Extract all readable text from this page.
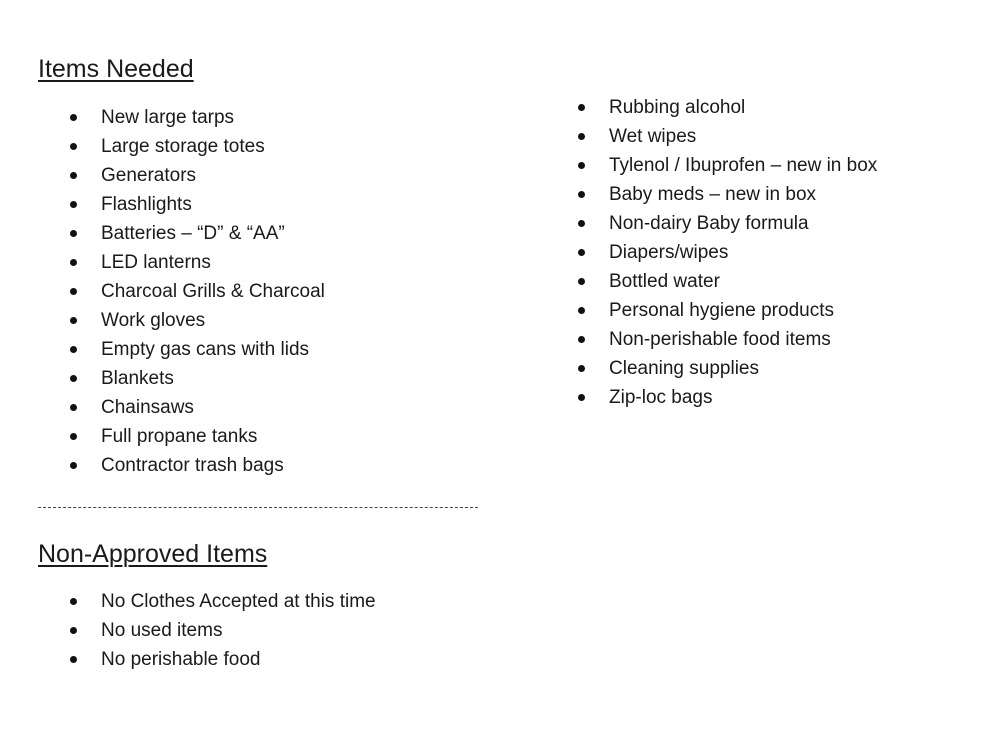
Items Needed
New large tarps
Large storage totes
Generators
Flashlights
Batteries – “D” & “AA”
LED lanterns
Charcoal Grills & Charcoal
Work gloves
Empty gas cans with lids
Blankets
Chainsaws
Full propane tanks
Contractor trash bags
Rubbing alcohol
Wet wipes
Tylenol / Ibuprofen – new in box
Baby meds – new in box
Non-dairy Baby formula
Diapers/wipes
Bottled water
Personal hygiene products
Non-perishable food items
Cleaning supplies
Zip-loc bags
Non-Approved Items
No Clothes Accepted at this time
No used items
No perishable food
